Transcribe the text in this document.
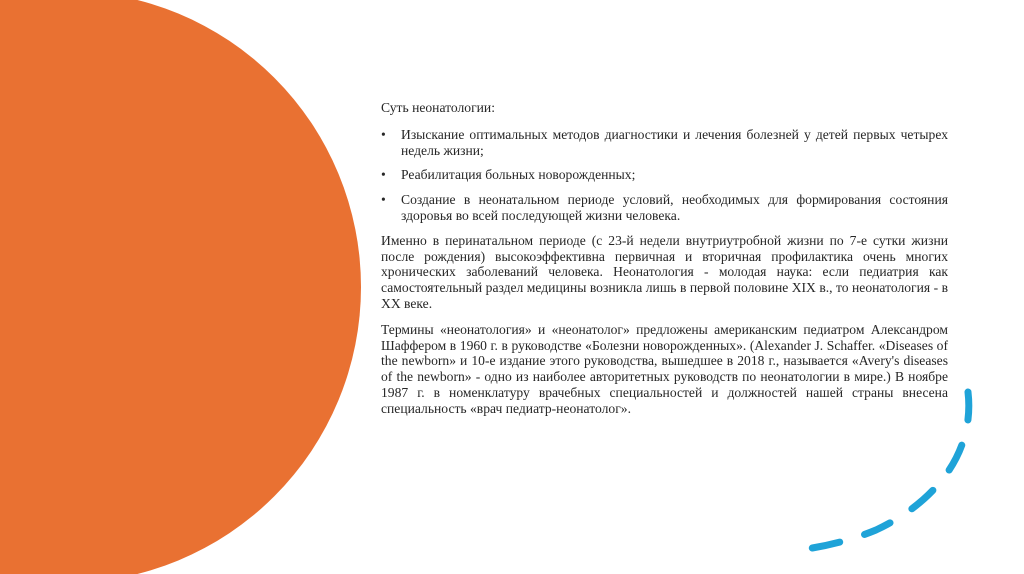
Суть неонатологии:

• Изыскание оптимальных методов диагностики и лечения болезней у детей первых четырех недель жизни;
• Реабилитация больных новорожденных;
• Создание в неонатальном периоде условий, необходимых для формирования состояния здоровья во всей последующей жизни человека.

Именно в перинатальном периоде (с 23-й недели внутриутробной жизни по 7-е сутки жизни после рождения) высокоэффективна первичная и вторичная профилактика очень многих хронических заболеваний человека. Неонатология - молодая наука: если педиатрия как самостоятельный раздел медицины возникла лишь в первой половине XIX в., то неонатология - в XX веке.

Термины «неонатология» и «неонатолог» предложены американским педиатром Александром Шаффером в 1960 г. в руководстве «Болезни новорожденных». (Alexander J. Schaffer. «Diseases of the newborn» и 10-е издание этого руководства, вышедшее в 2018 г., называется «Avery's diseases of the newborn» - одно из наиболее авторитетных руководств по неонатологии в мире.) В ноябре 1987 г. в номенклатуру врачебных специальностей и должностей нашей страны внесена специальность «врач педиатр-неонатолог».
